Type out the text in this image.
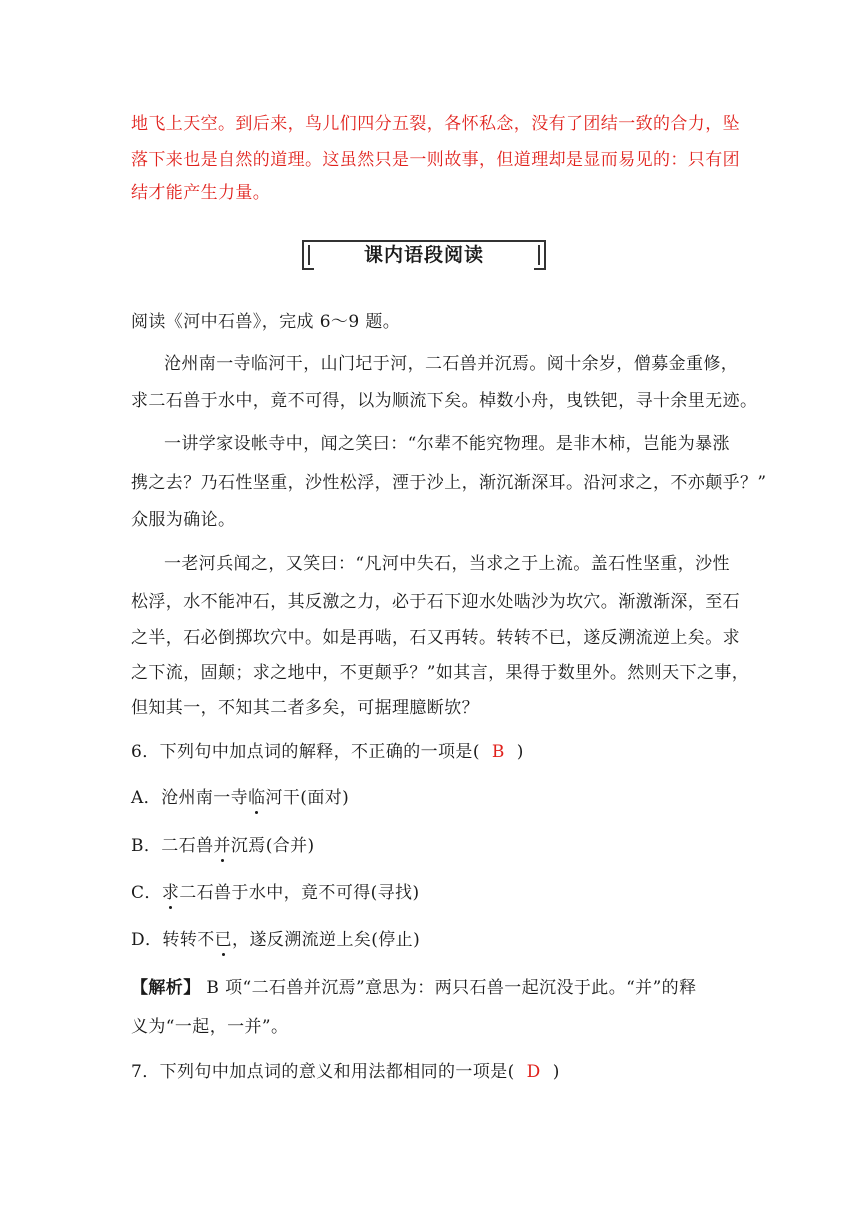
地飞上天空。到后来，鸟儿们四分五裂，各怀私念，没有了团结一致的合力，坠
落下来也是自然的道理。这虽然只是一则故事，但道理却是显而易见的：只有团
结才能产生力量。
课内语段阅读
阅读《河中石兽》，完成 6～9 题。
沧州南一寺临河干，山门圮于河，二石兽并沉焉。阅十余岁，僧募金重修，
求二石兽于水中，竟不可得，以为顺流下矣。棹数小舟，曳铁钯，寻十余里无迹。
一讲学家设帐寺中，闻之笑曰：“尔辈不能究物理。是非木柿，岂能为暴涨
携之去？乃石性坚重，沙性松浮，湮于沙上，渐沉渐深耳。沿河求之，不亦颠乎？”
众服为确论。
一老河兵闻之，又笑曰：“凡河中失石，当求之于上流。盖石性坚重，沙性
松浮，水不能冲石，其反激之力，必于石下迎水处啮沙为坎穴。渐激渐深，至石
之半，石必倒掷坎穴中。如是再啮，石又再转。转转不已，遂反溯流逆上矣。求
之下流，固颠；求之地中，不更颠乎？”如其言，果得于数里外。然则天下之事，
但知其一，不知其二者多矣，可据理臆断欤？
6．下列句中加点词的解释，不正确的一项是( B )
A．沧州南一寺临河干(面对)
B．二石兽并沉焉(合并)
C．求二石兽于水中，竟不可得(寻找)
D．转转不已，遂反溯流逆上矣(停止)
【解析】 B 项“二石兽并沉焉”意思为：两只石兽一起沉没于此。“并”的释
义为“一起，一并”。
7．下列句中加点词的意义和用法都相同的一项是( D )
